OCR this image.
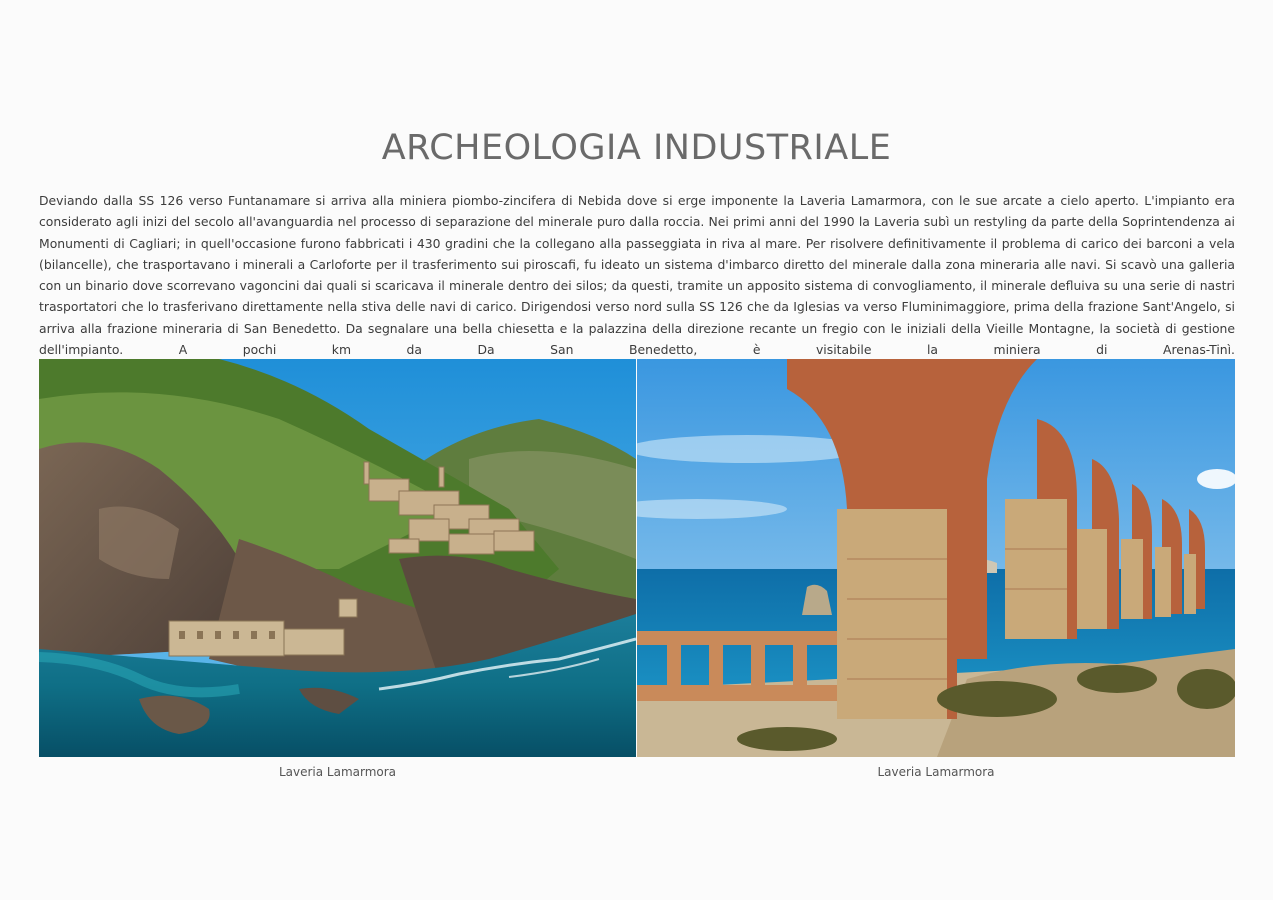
ARCHEOLOGIA INDUSTRIALE

Deviando dalla SS 126 verso Funtanamare si arriva alla miniera piombo-zincifera di Nebida dove si erge imponente la Laveria Lamarmora, con le sue arcate a cielo aperto. L'impianto era considerato agli inizi del secolo all'avanguardia nel processo di separazione del minerale puro dalla roccia. Nei primi anni del 1990 la Laveria subì un restyling da parte della Soprintendenza ai Monumenti di Cagliari; in quell'occasione furono fabbricati i 430 gradini che la collegano alla passeggiata in riva al mare. Per risolvere definitivamente il problema di carico dei barconi a vela (bilancelle), che trasportavano i minerali a Carloforte per il trasferimento sui piroscafi, fu ideato un sistema d'imbarco diretto del minerale dalla zona mineraria alle navi. Si scavò una galleria con un binario dove scorrevano vagoncini dai quali si scaricava il minerale dentro dei silos; da questi, tramite un apposito sistema di convogliamento, il minerale defluiva su una serie di nastri trasportatori che lo trasferivano direttamente nella stiva delle navi di carico. Dirigendosi verso nord sulla SS 126 che da Iglesias va verso Fluminimaggiore, prima della frazione Sant'Angelo, si arriva alla frazione mineraria di San Benedetto. Da segnalare una bella chiesetta e la palazzina della direzione recante un fregio con le iniziali della Vieille Montagne, la società di gestione dell'impianto. A pochi km da Da San Benedetto, è visitabile la miniera di Arenas-Tinì.

Laveria Lamarmora	Laveria Lamarmora
